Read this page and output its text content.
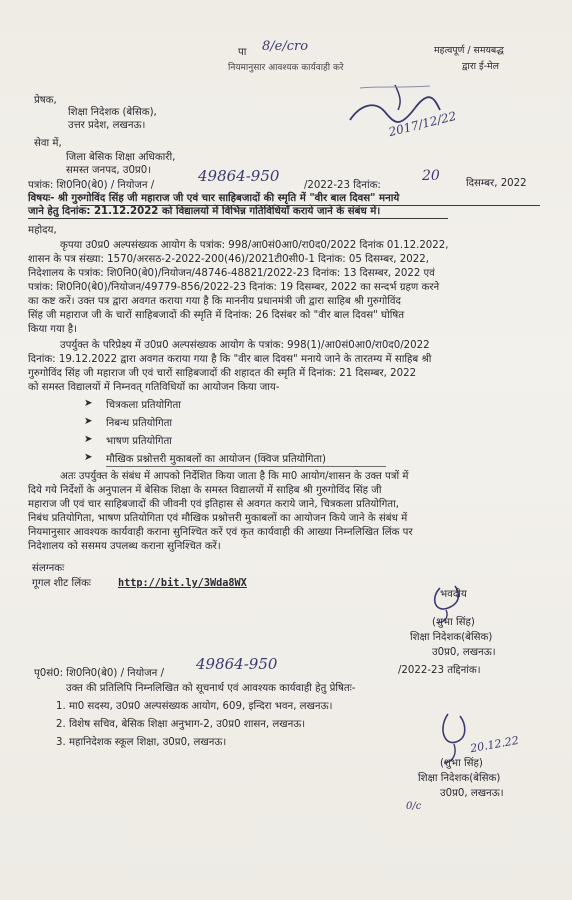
पा 8/e/cro
नियमानुसार आवश्यक कार्यवाही करे
महत्वपूर्ण / समयबद्ध
द्वारा ई-मेल
2017/12/22
प्रेषक,
शिक्षा निदेशक (बेसिक),
उत्तर प्रदेश, लखनऊ।
सेवा में,
जिला बेसिक शिक्षा अधिकारी,
समस्त जनपद, उ0प्र0।
पत्रांक: शि0नि0(बे0) / नियोजन /
49864-950
/2022-23 दिनांक:
20	दिसम्बर, 2022
विषयः- श्री गुरुगोविंद सिंह जी महाराज जी एवं चार साहिबजादों की स्मृति में "वीर बाल दिवस" मनाये
जाने हेतु दिनांक: 21.12.2022 को विद्यालयों में विभिन्न गतिविधियाँ कराये जाने के संबंध में।
महोदय,
कृपया उ0प्र0 अल्पसंख्यक आयोग के पत्रांक: 998/आ0सं0आ0/रा0द0/2022 दिनांक 01.12.2022,
शासन के पत्र संख्या: 1570/अरसठ-2-2022-200(46)/2021टी0सी0-1 दिनांक: 05 दिसम्बर, 2022,
निदेशालय के पत्रांक: शि0नि0(बे0)/नियोजन/48746-48821/2022-23 दिनांक: 13 दिसम्बर, 2022 एवं
पत्रांक: शि0नि0(बे0)/नियोजन/49779-856/2022-23 दिनांक: 19 दिसम्बर, 2022 का सन्दर्भ ग्रहण करने
का कष्ट करें। उक्त पत्र द्वारा अवगत कराया गया है कि माननीय प्रधानमंत्री जी द्वारा साहिब श्री गुरुगोविंद
सिंह जी महाराज जी के चारों साहिबजादों की स्मृति में दिनांक: 26 दिसंबर को "वीर बाल दिवस" घोषित
किया गया है।
उपर्युक्त के परिप्रेक्ष्य में उ0प्र0 अल्पसंख्यक आयोग के पत्रांक: 998(1)/आ0सं0आ0/रा0द0/2022
दिनांक: 19.12.2022 द्वारा अवगत कराया गया है कि "वीर बाल दिवस" मनाये जाने के तारतम्य में साहिब श्री
गुरुगोविंद सिंह जी महाराज जी एवं चारों साहिबजादों की शहादत की स्मृति में दिनांक: 21 दिसम्बर, 2022
को समस्त विद्यालयों में निम्नवत् गतिविधियों का आयोजन किया जाय-
➤ चित्रकला प्रतियोगिता
➤ निबन्ध प्रतियोगिता
➤ भाषण प्रतियोगिता
➤ मौखिक प्रश्नोत्तरी मुकाबलों का आयोजन (क्विज प्रतियोगिता)
अतः उपर्युक्त के संबंध में आपको निर्देशित किया जाता है कि मा0 आयोग/शासन के उक्त पत्रों में
दिये गये निर्देशों के अनुपालन में बेसिक शिक्षा के समस्त विद्यालयों में साहिब श्री गुरुगोविंद सिंह जी
महाराज जी एवं चार साहिबजादों की जीवनी एवं इतिहास से अवगत कराये जाने, चित्रकला प्रतियोगिता,
निबंध प्रतियोगिता, भाषण प्रतियोगिता एवं मौखिक प्रश्नोत्तरी मुकाबलों का आयोजन किये जाने के संबंध में
नियमानुसार आवश्यक कार्यवाही कराना सुनिश्चित करें एवं कृत कार्यवाही की आख्या निम्नलिखित लिंक पर
निदेशालय को ससमय उपलब्ध कराना सुनिश्चित करें।
संलग्नकः
गूगल शीट लिंकः	http://bit.ly/3Wda8WX
भवदीय
(शुभा सिंह)
शिक्षा निदेशक(बेसिक)
उ0प्र0, लखनऊ।
पृ0सं0: शि0नि0(बे0) / नियोजन /
49864-950	/2022-23 तद्दिनांक।
उक्त की प्रतिलिपि निम्नलिखित को सूचनार्थ एवं आवश्यक कार्यवाही हेतु प्रेषितः-
1. मा0 सदस्य, उ0प्र0 अल्पसंख्यक आयोग, 609, इन्दिरा भवन, लखनऊ।
2. विशेष सचिव, बेसिक शिक्षा अनुभाग-2, उ0प्र0 शासन, लखनऊ।
3. महानिदेशक स्कूल शिक्षा, उ0प्र0, लखनऊ।	20.12.22
(शुभा सिंह)
शिक्षा निदेशक(बेसिक)
उ0प्र0, लखनऊ।
0/c
